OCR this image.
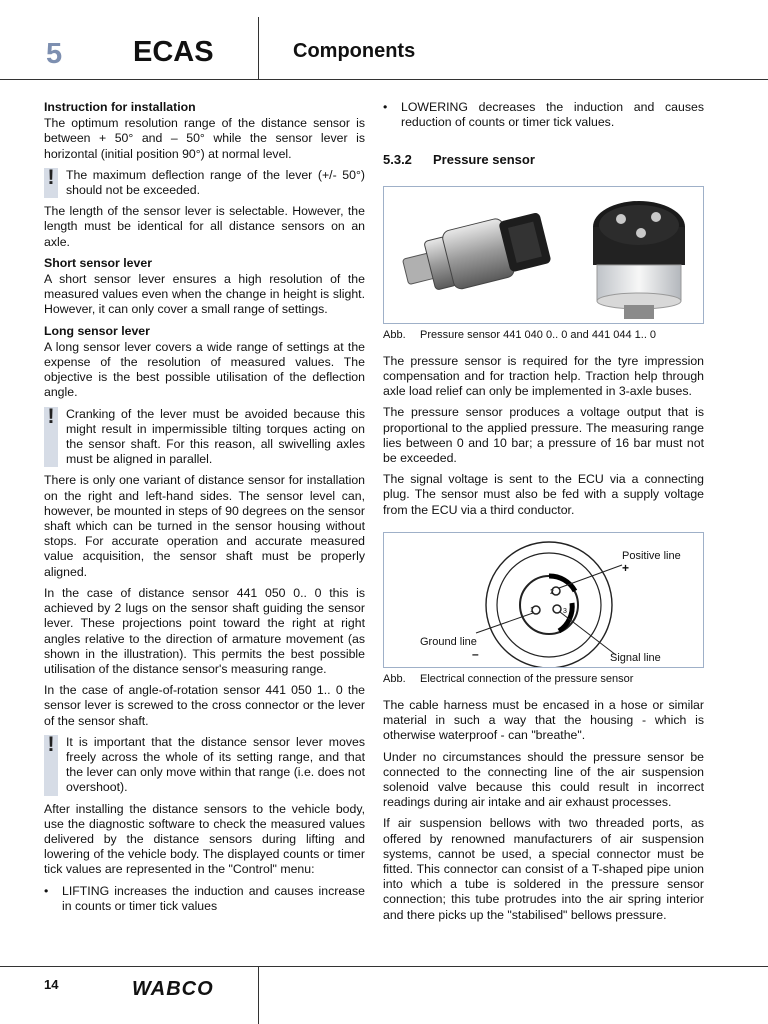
5 ECAS	Components
Instruction for installation

The optimum resolution range of the distance sensor is between + 50° and – 50° while the sensor lever is horizontal (initial position 90°) at normal level.

! The maximum deflection range of the lever (+/- 50°) should not be exceeded.

The length of the sensor lever is selectable. However, the length must be identical for all distance sensors on an axle.

Short sensor lever

A short sensor lever ensures a high resolution of the measured values even when the change in height is slight. However, it can only cover a small range of settings.

Long sensor lever

A long sensor lever covers a wide range of settings at the expense of the resolution of measured values. The objective is the best possible utilisation of the deflection angle.

! Cranking of the lever must be avoided because this might result in impermissible tilting torques acting on the sensor shaft. For this reason, all swivelling axles must be aligned in parallel.

There is only one variant of distance sensor for installation on the right and left-hand sides. The sensor level can, however, be mounted in steps of 90 degrees on the sensor shaft which can be turned in the sensor housing without stops. For accurate operation and accurate measured value acquisition, the sensor shaft must be properly aligned.

In the case of distance sensor 441 050 0.. 0 this is achieved by 2 lugs on the sensor shaft guiding the sensor lever. These projections point toward the right at right angles relative to the direction of armature movement (as shown in the illustration). This permits the best possible utilisation of the distance sensor's measuring range.

In the case of angle-of-rotation sensor 441 050 1.. 0 the sensor lever is screwed to the cross connector or the lever of the sensor shaft.

! It is important that the distance sensor lever moves freely across the whole of its setting range, and that the lever can only move within that range (i.e. does not overshoot).

After installing the distance sensors to the vehicle body, use the diagnostic software to check the measured values delivered by the distance sensors during lifting and lowering of the vehicle body. The displayed counts or timer tick values are represented in the "Control" menu:

•	LIFTING increases the induction and causes increase in counts or timer tick values
•	LOWERING decreases the induction and causes reduction of counts or timer tick values.
5.3.2 Pressure sensor
Abb. Pressure sensor 441 040 0.. 0 and 441 044 1.. 0

The pressure sensor is required for the tyre impression compensation and for traction help. Traction help through axle load relief can only be implemented in 3-axle buses.

The pressure sensor produces a voltage output that is proportional to the applied pressure. The measuring range lies between 0 and 10 bar; a pressure of 16 bar must not be exceeded.

The signal voltage is sent to the ECU via a connecting plug. The sensor must also be fed with a supply voltage from the ECU via a third conductor.

1
2
3
Positive line
+
Ground line
–	Signal line
Abb. Electrical connection of the pressure sensor

The cable harness must be encased in a hose or similar material in such a way that the housing - which is otherwise waterproof - can "breathe".

Under no circumstances should the pressure sensor be connected to the connecting line of the air suspension solenoid valve because this could result in incorrect readings during air intake and air exhaust processes.

If air suspension bellows with two threaded ports, as offered by renowned manufacturers of air suspension systems, cannot be used, a special connector must be fitted. This connector can consist of a T-shaped pipe union into which a tube is soldered in the pressure sensor connection; this tube protrudes into the air spring interior and there picks up the "stabilised" bellows pressure.

14	WABCO
